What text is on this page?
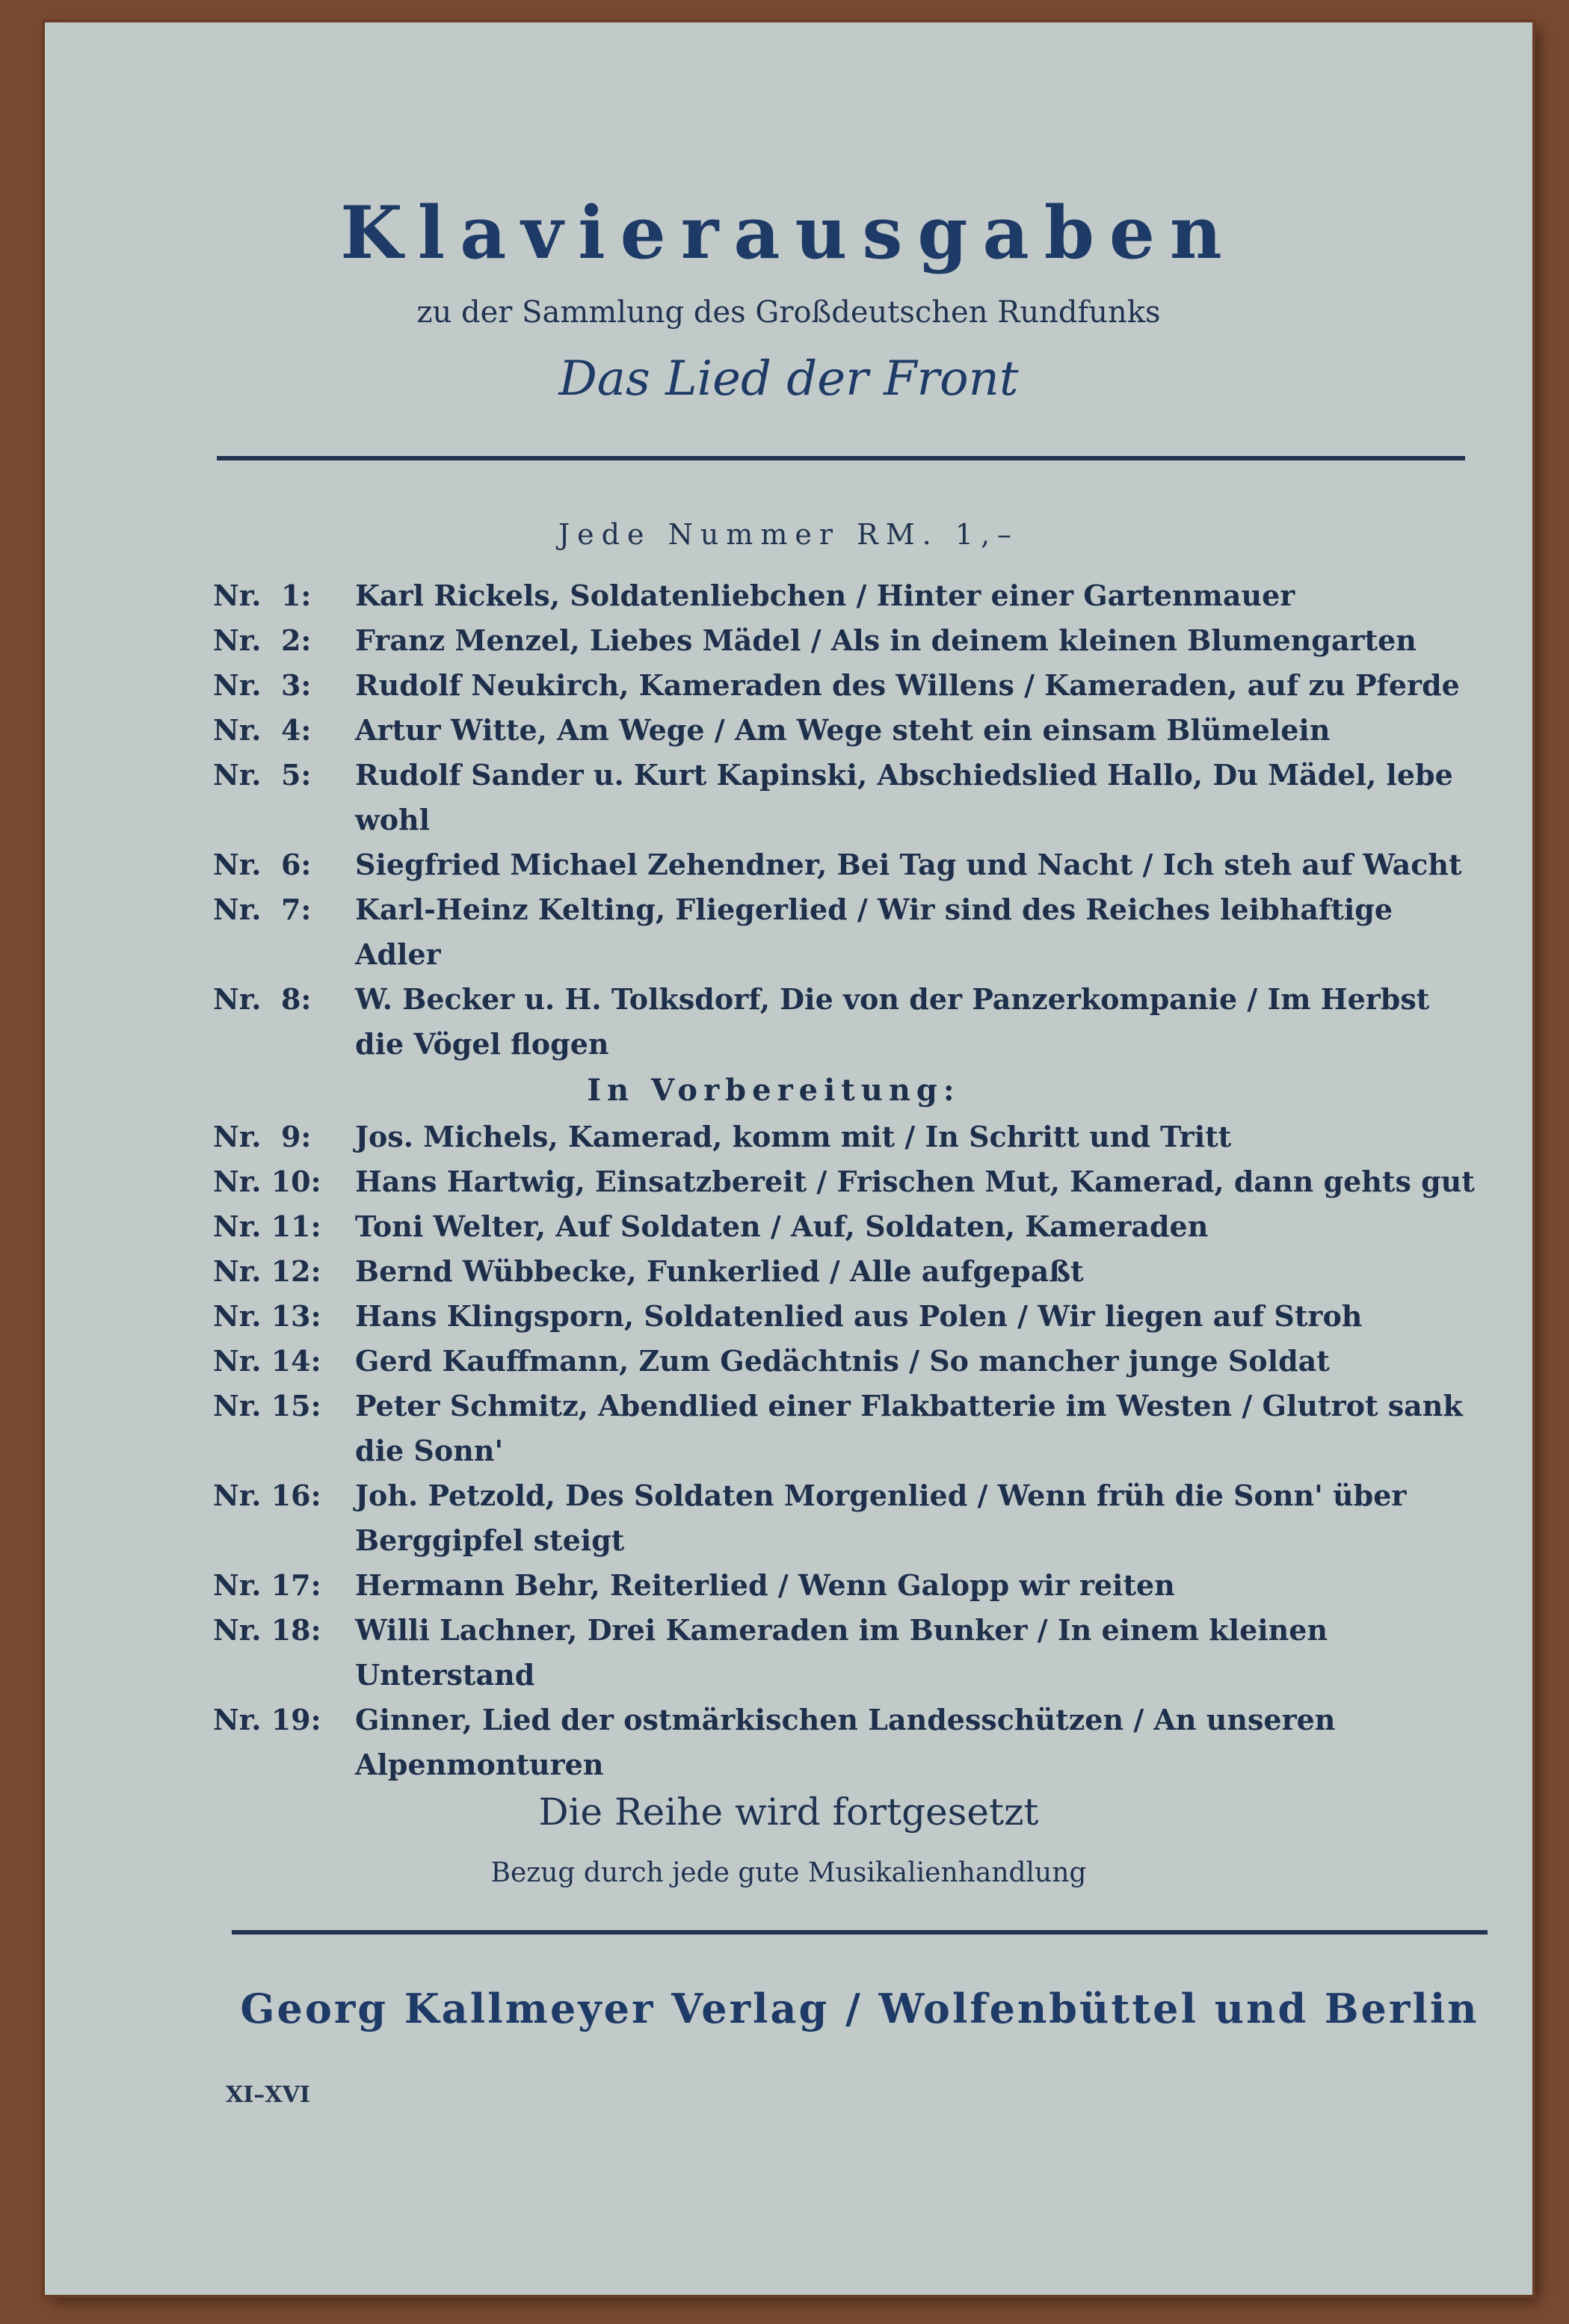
Klavierausgaben
zu der Sammlung des Großdeutschen Rundfunks
Das Lied der Front
Jede Nummer RM. 1,–
Nr.  1:	Karl Rickels, Soldatenliebchen / Hinter einer Gartenmauer
Nr.  2:	Franz Menzel, Liebes Mädel / Als in deinem kleinen Blumengarten
Nr.  3:	Rudolf Neukirch, Kameraden des Willens / Kameraden, auf zu Pferde
Nr.  4:	Artur Witte, Am Wege / Am Wege steht ein einsam Blümelein
Nr.  5:	Rudolf Sander u. Kurt Kapinski, Abschiedslied Hallo, Du Mädel, lebe wohl
Nr.  6:	Siegfried Michael Zehendner, Bei Tag und Nacht / Ich steh auf Wacht
Nr.  7:	Karl-Heinz Kelting, Fliegerlied / Wir sind des Reiches leibhaftige Adler
Nr.  8:	W. Becker u. H. Tolksdorf, Die von der Panzerkompanie / Im Herbst die Vögel flogen
In Vorbereitung:
Nr.  9:	Jos. Michels, Kamerad, komm mit / In Schritt und Tritt
Nr. 10:	Hans Hartwig, Einsatzbereit / Frischen Mut, Kamerad, dann gehts gut
Nr. 11:	Toni Welter, Auf Soldaten / Auf, Soldaten, Kameraden
Nr. 12:	Bernd Wübbecke, Funkerlied / Alle aufgepaßt
Nr. 13:	Hans Klingsporn, Soldatenlied aus Polen / Wir liegen auf Stroh
Nr. 14:	Gerd Kauffmann, Zum Gedächtnis / So mancher junge Soldat
Nr. 15:	Peter Schmitz, Abendlied einer Flakbatterie im Westen / Glutrot sank die Sonn'
Nr. 16:	Joh. Petzold, Des Soldaten Morgenlied / Wenn früh die Sonn' über Berggipfel steigt
Nr. 17:	Hermann Behr, Reiterlied / Wenn Galopp wir reiten
Nr. 18:	Willi Lachner, Drei Kameraden im Bunker / In einem kleinen Unterstand
Nr. 19:	Ginner, Lied der ostmärkischen Landesschützen / An unseren Alpenmonturen
Die Reihe wird fortgesetzt
Bezug durch jede gute Musikalienhandlung
Georg Kallmeyer Verlag / Wolfenbüttel und Berlin
XI–XVI
